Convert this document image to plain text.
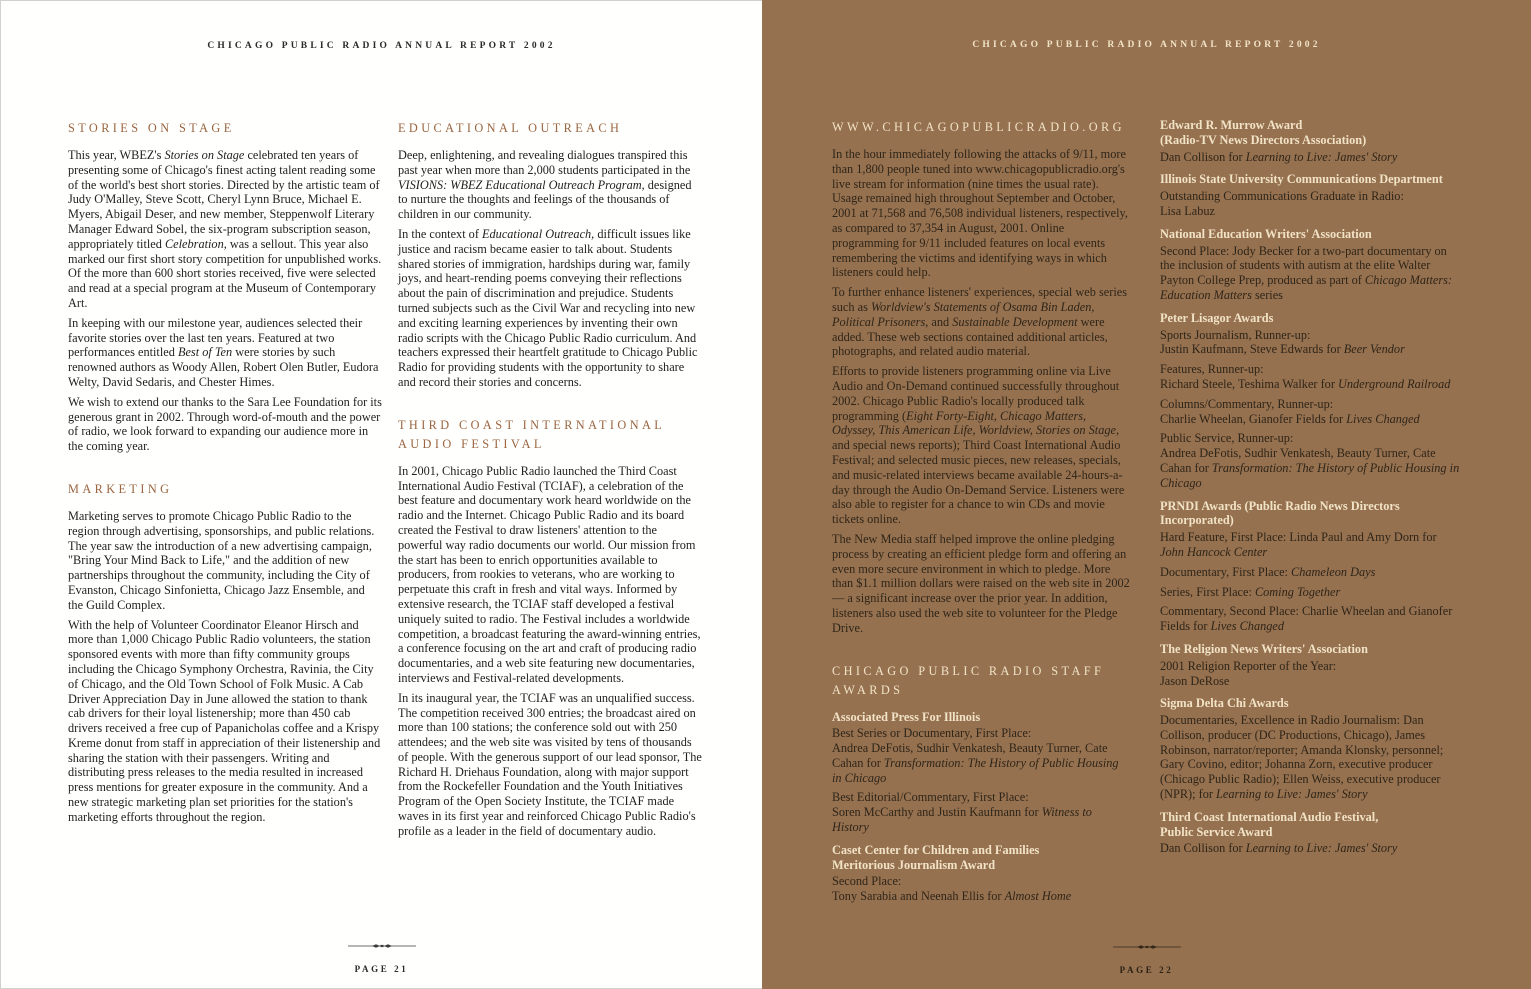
CHICAGO PUBLIC RADIO ANNUAL REPORT 2002
STORIES ON STAGE
This year, WBEZ's Stories on Stage celebrated ten years of presenting some of Chicago's finest acting talent reading some of the world's best short stories. Directed by the artistic team of Judy O'Malley, Steve Scott, Cheryl Lynn Bruce, Michael E. Myers, Abigail Deser, and new member, Steppenwolf Literary Manager Edward Sobel, the six-program subscription season, appropriately titled Celebration, was a sellout. This year also marked our first short story competition for unpublished works. Of the more than 600 short stories received, five were selected and read at a special program at the Museum of Contemporary Art.
In keeping with our milestone year, audiences selected their favorite stories over the last ten years. Featured at two performances entitled Best of Ten were stories by such renowned authors as Woody Allen, Robert Olen Butler, Eudora Welty, David Sedaris, and Chester Himes.
We wish to extend our thanks to the Sara Lee Foundation for its generous grant in 2002. Through word-of-mouth and the power of radio, we look forward to expanding our audience more in the coming year.
MARKETING
Marketing serves to promote Chicago Public Radio to the region through advertising, sponsorships, and public relations. The year saw the introduction of a new advertising campaign, "Bring Your Mind Back to Life," and the addition of new partnerships throughout the community, including the City of Evanston, Chicago Sinfonietta, Chicago Jazz Ensemble, and the Guild Complex.
With the help of Volunteer Coordinator Eleanor Hirsch and more than 1,000 Chicago Public Radio volunteers, the station sponsored events with more than fifty community groups including the Chicago Symphony Orchestra, Ravinia, the City of Chicago, and the Old Town School of Folk Music. A Cab Driver Appreciation Day in June allowed the station to thank cab drivers for their loyal listenership; more than 450 cab drivers received a free cup of Papanicholas coffee and a Krispy Kreme donut from staff in appreciation of their listenership and sharing the station with their passengers. Writing and distributing press releases to the media resulted in increased press mentions for greater exposure in the community. And a new strategic marketing plan set priorities for the station's marketing efforts throughout the region.
EDUCATIONAL OUTREACH
Deep, enlightening, and revealing dialogues transpired this past year when more than 2,000 students participated in the VISIONS: WBEZ Educational Outreach Program, designed to nurture the thoughts and feelings of the thousands of children in our community.
In the context of Educational Outreach, difficult issues like justice and racism became easier to talk about. Students shared stories of immigration, hardships during war, family joys, and heart-rending poems conveying their reflections about the pain of discrimination and prejudice. Students turned subjects such as the Civil War and recycling into new and exciting learning experiences by inventing their own radio scripts with the Chicago Public Radio curriculum. And teachers expressed their heartfelt gratitude to Chicago Public Radio for providing students with the opportunity to share and record their stories and concerns.
THIRD COAST INTERNATIONAL
AUDIO FESTIVAL
In 2001, Chicago Public Radio launched the Third Coast International Audio Festival (TCIAF), a celebration of the best feature and documentary work heard worldwide on the radio and the Internet. Chicago Public Radio and its board created the Festival to draw listeners' attention to the powerful way radio documents our world. Our mission from the start has been to enrich opportunities available to producers, from rookies to veterans, who are working to perpetuate this craft in fresh and vital ways. Informed by extensive research, the TCIAF staff developed a festival uniquely suited to radio. The Festival includes a worldwide competition, a broadcast featuring the award-winning entries, a conference focusing on the art and craft of producing radio documentaries, and a web site featuring new documentaries, interviews and Festival-related developments.
In its inaugural year, the TCIAF was an unqualified success. The competition received 300 entries; the broadcast aired on more than 100 stations; the conference sold out with 250 attendees; and the web site was visited by tens of thousands of people. With the generous support of our lead sponsor, The Richard H. Driehaus Foundation, along with major support from the Rockefeller Foundation and the Youth Initiatives Program of the Open Society Institute, the TCIAF made waves in its first year and reinforced Chicago Public Radio's profile as a leader in the field of documentary audio.
PAGE 21
CHICAGO PUBLIC RADIO ANNUAL REPORT 2002
WWW.CHICAGOPUBLICRADIO.ORG
In the hour immediately following the attacks of 9/11, more than 1,800 people tuned into www.chicagopublicradio.org's live stream for information (nine times the usual rate). Usage remained high throughout September and October, 2001 at 71,568 and 76,508 individual listeners, respectively, as compared to 37,354 in August, 2001. Online programming for 9/11 included features on local events remembering the victims and identifying ways in which listeners could help.
To further enhance listeners' experiences, special web series such as Worldview's Statements of Osama Bin Laden, Political Prisoners, and Sustainable Development were added. These web sections contained additional articles, photographs, and related audio material.
Efforts to provide listeners programming online via Live Audio and On-Demand continued successfully throughout 2002. Chicago Public Radio's locally produced talk programming (Eight Forty-Eight, Chicago Matters, Odyssey, This American Life, Worldview, Stories on Stage, and special news reports); Third Coast International Audio Festival; and selected music pieces, new releases, specials, and music-related interviews became available 24-hours-a-day through the Audio On-Demand Service. Listeners were also able to register for a chance to win CDs and movie tickets online.
The New Media staff helped improve the online pledging process by creating an efficient pledge form and offering an even more secure environment in which to pledge. More than $1.1 million dollars were raised on the web site in 2002— a significant increase over the prior year. In addition, listeners also used the web site to volunteer for the Pledge Drive.
CHICAGO PUBLIC RADIO STAFF AWARDS
Associated Press For Illinois
Best Series or Documentary, First Place:
Andrea DeFotis, Sudhir Venkatesh, Beauty Turner, Cate Cahan for Transformation: The History of Public Housing in Chicago
Best Editorial/Commentary, First Place:
Soren McCarthy and Justin Kaufmann for Witness to History
Caset Center for Children and Families
Meritorious Journalism Award
Second Place:
Tony Sarabia and Neenah Ellis for Almost Home
Edward R. Murrow Award
(Radio-TV News Directors Association)
Dan Collison for Learning to Live: James' Story
Illinois State University Communications Department
Outstanding Communications Graduate in Radio:
Lisa Labuz
National Education Writers' Association
Second Place: Jody Becker for a two-part documentary on the inclusion of students with autism at the elite Walter Payton College Prep, produced as part of Chicago Matters: Education Matters series
Peter Lisagor Awards
Sports Journalism, Runner-up:
Justin Kaufmann, Steve Edwards for Beer Vendor
Features, Runner-up:
Richard Steele, Teshima Walker for Underground Railroad
Columns/Commentary, Runner-up:
Charlie Wheelan, Gianofer Fields for Lives Changed
Public Service, Runner-up:
Andrea DeFotis, Sudhir Venkatesh, Beauty Turner, Cate Cahan for Transformation: The History of Public Housing in Chicago
PRNDI Awards (Public Radio News Directors Incorporated)
Hard Feature, First Place: Linda Paul and Amy Dorn for John Hancock Center
Documentary, First Place: Chameleon Days
Series, First Place: Coming Together
Commentary, Second Place: Charlie Wheelan and Gianofer Fields for Lives Changed
The Religion News Writers' Association
2001 Religion Reporter of the Year:
Jason DeRose
Sigma Delta Chi Awards
Documentaries, Excellence in Radio Journalism: Dan Collison, producer (DC Productions, Chicago), James Robinson, narrator/reporter; Amanda Klonsky, personnel; Gary Covino, editor; Johanna Zorn, executive producer (Chicago Public Radio); Ellen Weiss, executive producer (NPR); for Learning to Live: James' Story
Third Coast International Audio Festival,
Public Service Award
Dan Collison for Learning to Live: James' Story
PAGE 22
